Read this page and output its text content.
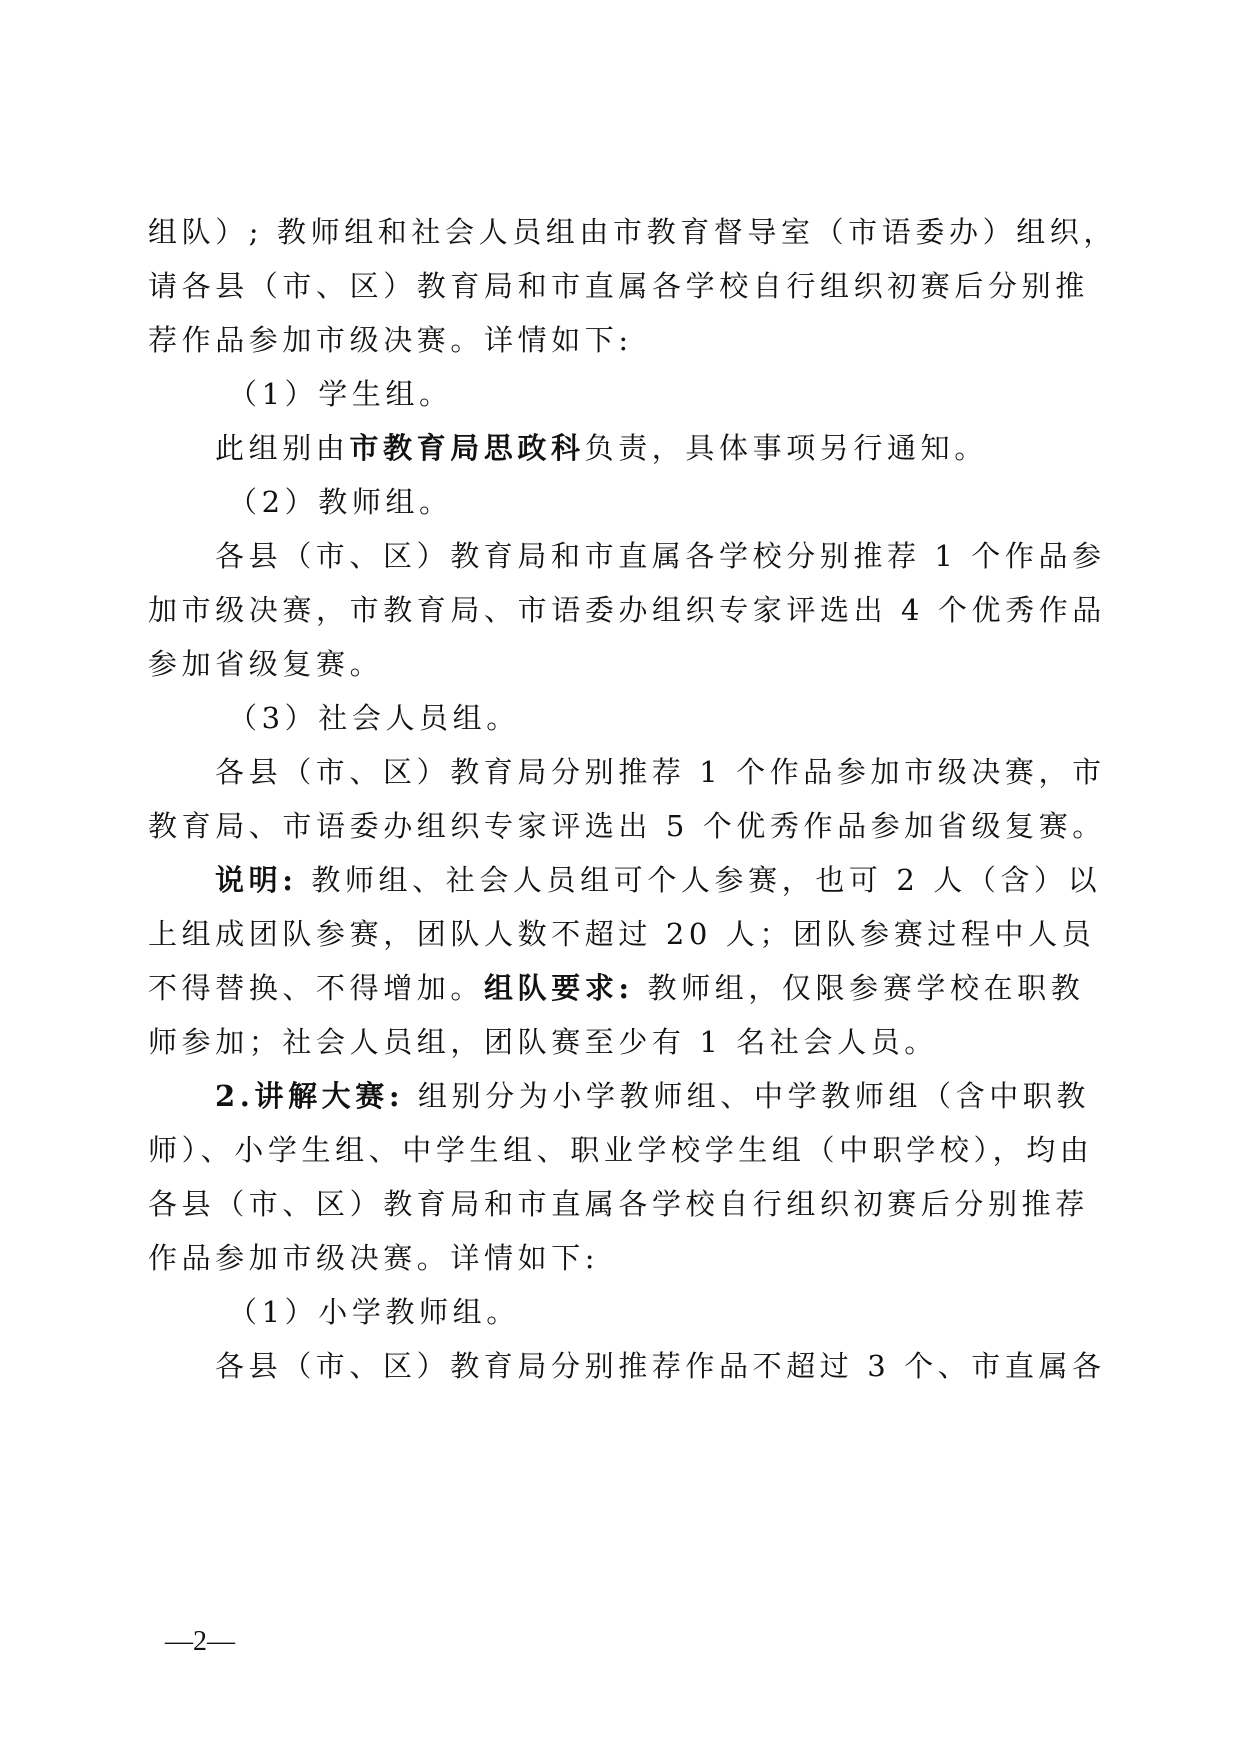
组队）; 教师组和社会人员组由市教育督导室（市语委办）组织，
请各县（市、区）教育局和市直属各学校自行组织初赛后分别推
荐作品参加市级决赛。详情如下:
（1）学生组。
此组别由市教育局思政科负责，具体事项另行通知。
（2）教师组。
各县（市、区）教育局和市直属各学校分别推荐 1 个作品参
加市级决赛，市教育局、市语委办组织专家评选出 4 个优秀作品
参加省级复赛。
（3）社会人员组。
各县（市、区）教育局分别推荐 1 个作品参加市级决赛，市
教育局、市语委办组织专家评选出 5 个优秀作品参加省级复赛。
说明: 教师组、社会人员组可个人参赛，也可 2 人（含）以
上组成团队参赛，团队人数不超过 20 人；团队参赛过程中人员
不得替换、不得增加。组队要求: 教师组，仅限参赛学校在职教
师参加；社会人员组，团队赛至少有 1 名社会人员。
2.讲解大赛: 组别分为小学教师组、中学教师组（含中职教
师）、小学生组、中学生组、职业学校学生组（中职学校），均由
各县（市、区）教育局和市直属各学校自行组织初赛后分别推荐
作品参加市级决赛。详情如下:
（1）小学教师组。
各县（市、区）教育局分别推荐作品不超过 3 个、市直属各
—2—
